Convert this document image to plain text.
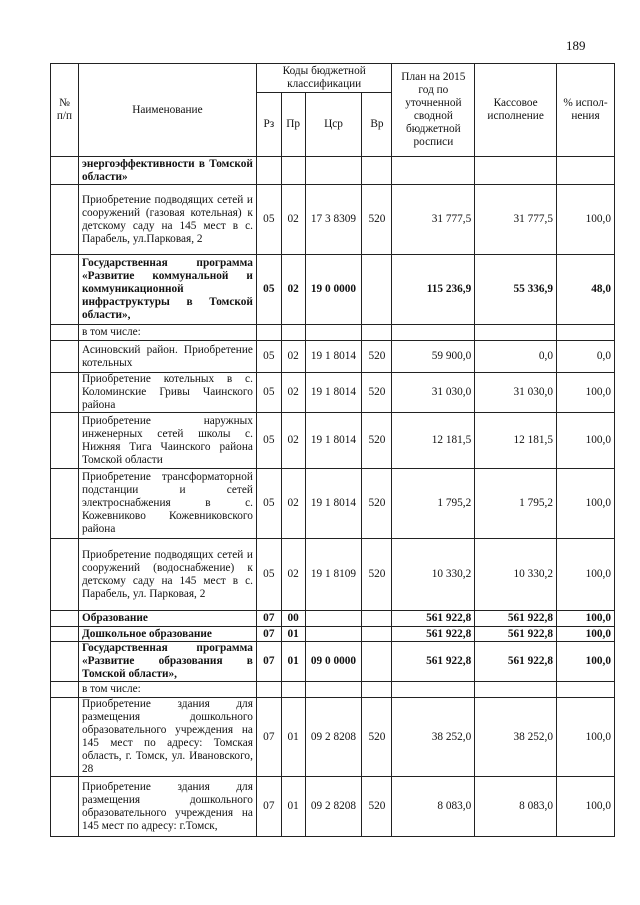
189
№ п/п	Наименование	Коды бюджетной классификации				План на 2015 год по уточненной сводной бюджетной росписи	Кассовое исполнение	% испол-нения
		Рз	Пр	Цср	Вр			
	энергоэффективности в Томской области»							
	Приобретение подводящих сетей и сооружений (газовая котельная) к детскому саду на 145 мест в с. Парабель, ул.Парковая, 2	05	02	17 3 8309	520	31 777,5	31 777,5	100,0
	Государственная программа «Развитие коммунальной и коммуникационной инфраструктуры в Томской области»,	05	02	19 0 0000		115 236,9	55 336,9	48,0
	в том числе:							
	Асиновский район. Приобретение котельных	05	02	19 1 8014	520	59 900,0	0,0	0,0
	Приобретение котельных в с. Коломинские Гривы Чаинского района	05	02	19 1 8014	520	31 030,0	31 030,0	100,0
	Приобретение наружных инженерных сетей школы с. Нижняя Тига Чаинского района Томской области	05	02	19 1 8014	520	12 181,5	12 181,5	100,0
	Приобретение трансформаторной подстанции и сетей электроснабжения в с. Кожевниково Кожевниковского района	05	02	19 1 8014	520	1 795,2	1 795,2	100,0
	Приобретение подводящих сетей и сооружений (водоснабжение) к детскому саду на 145 мест в с. Парабель, ул. Парковая, 2	05	02	19 1 8109	520	10 330,2	10 330,2	100,0
	Образование	07	00			561 922,8	561 922,8	100,0
	Дошкольное образование	07	01			561 922,8	561 922,8	100,0
	Государственная программа «Развитие образования в Томской области»,	07	01	09 0 0000		561 922,8	561 922,8	100,0
	в том числе:							
	Приобретение здания для размещения дошкольного образовательного учреждения на 145 мест по адресу: Томская область, г. Томск, ул. Ивановского, 28	07	01	09 2 8208	520	38 252,0	38 252,0	100,0
	Приобретение здания для размещения дошкольного образовательного учреждения на 145 мест по адресу: г.Томск,	07	01	09 2 8208	520	8 083,0	8 083,0	100,0
